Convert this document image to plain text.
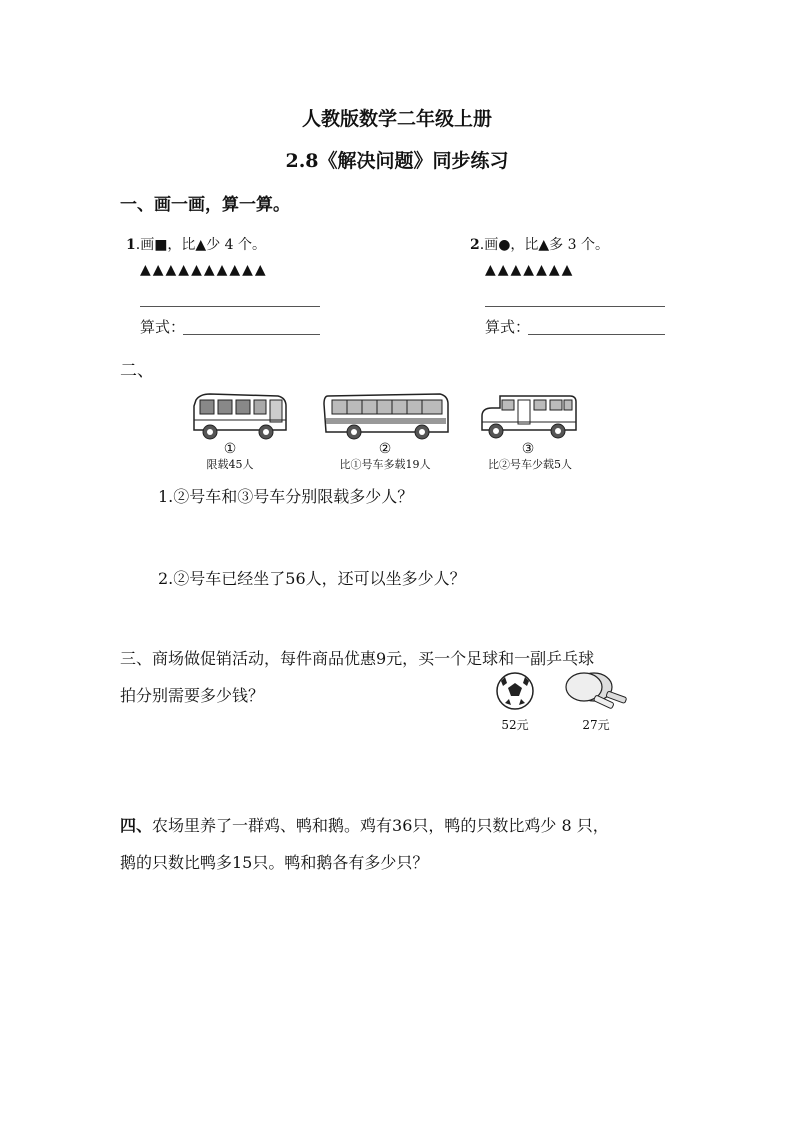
人教版数学二年级上册
2.8《解决问题》同步练习
一、画一画，算一算。
1.画■，比▲少 4 个。
▲▲▲▲▲▲▲▲▲▲
算式：
2.画●，比▲多 3 个。
▲▲▲▲▲▲▲
算式：
二、
①
限载45人
②
比①号车多载19人
③
比②号车少载5人
1.②号车和③号车分别限载多少人？
2.②号车已经坐了56人，还可以坐多少人？
三、商场做促销活动，每件商品优惠9元，买一个足球和一副乒乓球
拍分别需要多少钱？
52元	27元
四、农场里养了一群鸡、鸭和鹅。鸡有36只，鸭的只数比鸡少 8 只，
鹅的只数比鸭多15只。鸭和鹅各有多少只？
